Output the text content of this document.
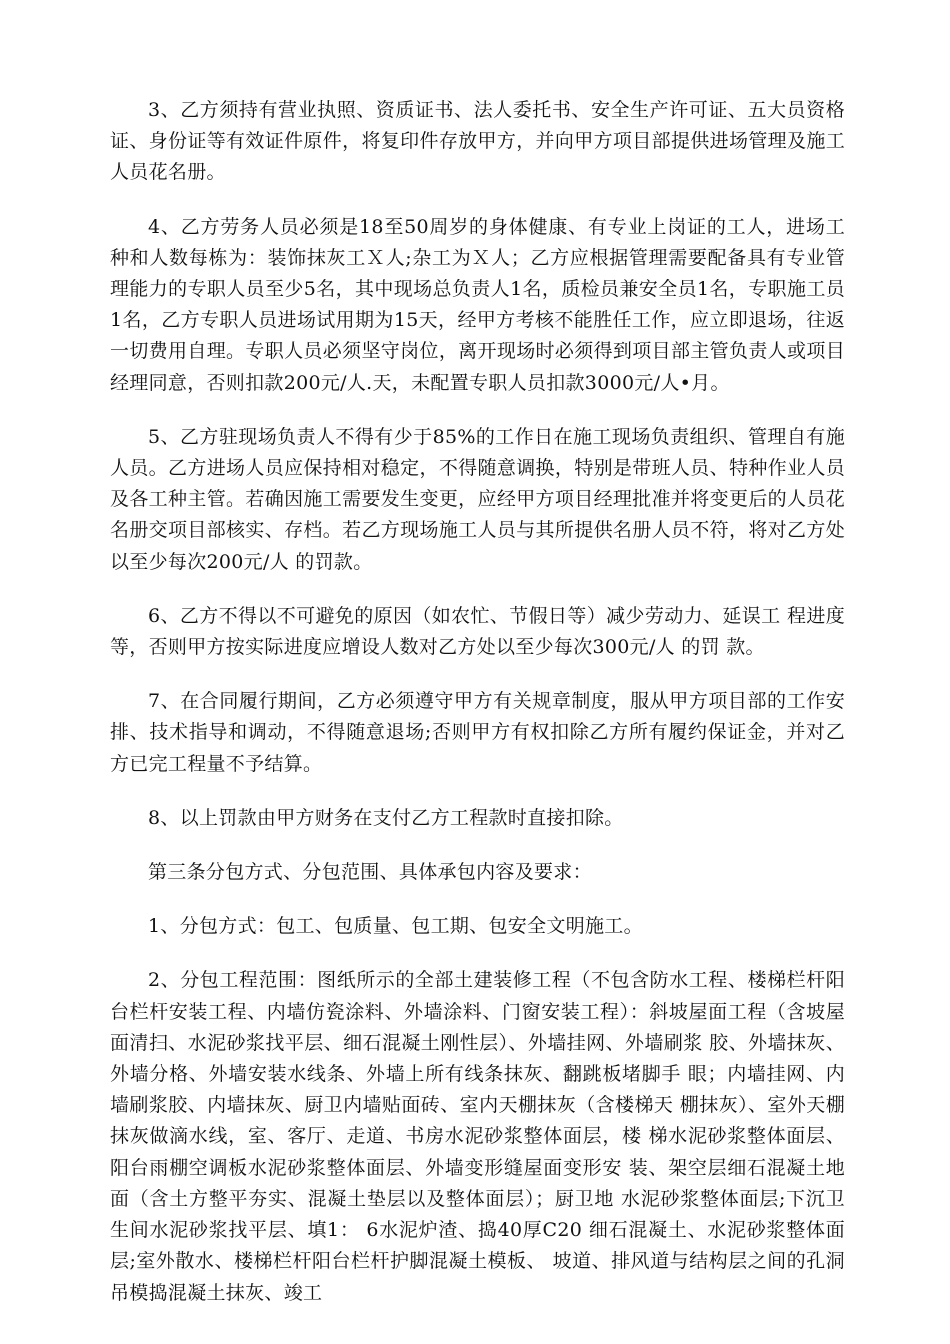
3、乙方须持有营业执照、资质证书、法人委托书、安全生产许可证、五大员资格证、身份证等有效证件原件，将复印件存放甲方，并向甲方项目部提供进场管理及施工人员花名册。

4、乙方劳务人员必须是18至50周岁的身体健康、有专业上岗证的工人，进场工种和人数每栋为：装饰抹灰工Ｘ人;杂工为Ｘ人；乙方应根据管理需要配备具有专业管理能力的专职人员至少5名，其中现场总负责人1名，质检员兼安全员1名，专职施工员1名，乙方专职人员进场试用期为15天，经甲方考核不能胜任工作，应立即退场，往返一切费用自理。专职人员必须坚守岗位，离开现场时必须得到项目部主管负责人或项目经理同意，否则扣款200元/人.天，未配置专职人员扣款3000元/人•月。

5、乙方驻现场负责人不得有少于85%的工作日在施工现场负责组织、管理自有施人员。乙方进场人员应保持相对稳定，不得随意调换，特别是带班人员、特种作业人员及各工种主管。若确因施工需要发生变更，应经甲方项目经理批准并将变更后的人员花名册交项目部核实、存档。若乙方现场施工人员与其所提供名册人员不符，将对乙方处以至少每次200元/人 的罚款。

6、乙方不得以不可避免的原因（如农忙、节假日等）减少劳动力、延误工 程进度等，否则甲方按实际进度应增设人数对乙方处以至少每次300元/人 的罚 款。

7、在合同履行期间，乙方必须遵守甲方有关规章制度，服从甲方项目部的工作安排、技术指导和调动，不得随意退场;否则甲方有权扣除乙方所有履约保证金，并对乙方已完工程量不予结算。

8、以上罚款由甲方财务在支付乙方工程款时直接扣除。

第三条分包方式、分包范围、具体承包内容及要求：

1、分包方式：包工、包质量、包工期、包安全文明施工。

2、分包工程范围：图纸所示的全部土建装修工程（不包含防水工程、楼梯栏杆阳台栏杆安装工程、内墙仿瓷涂料、外墙涂料、门窗安装工程）：斜坡屋面工程（含坡屋面清扫、水泥砂浆找平层、细石混凝土刚性层）、外墙挂网、外墙刷浆 胶、外墙抹灰、外墙分格、外墙安装水线条、外墙上所有线条抹灰、翻跳板堵脚手 眼；内墙挂网、内墙刷浆胶、内墙抹灰、厨卫内墙贴面砖、室内天棚抹灰（含楼梯天 棚抹灰）、室外天棚抹灰做滴水线，室、客厅、走道、书房水泥砂浆整体面层，楼 梯水泥砂浆整体面层、阳台雨棚空调板水泥砂浆整体面层、外墙变形缝屋面变形安 装、架空层细石混凝土地面（含土方整平夯实、混凝土垫层以及整体面层）；厨卫地 水泥砂浆整体面层;下沉卫生间水泥砂浆找平层、填1： 6水泥炉渣、捣40厚C20 细石混凝土、水泥砂浆整体面层;室外散水、楼梯栏杆阳台栏杆护脚混凝土模板、 坡道、排风道与结构层之间的孔洞吊模捣混凝土抹灰、竣工
